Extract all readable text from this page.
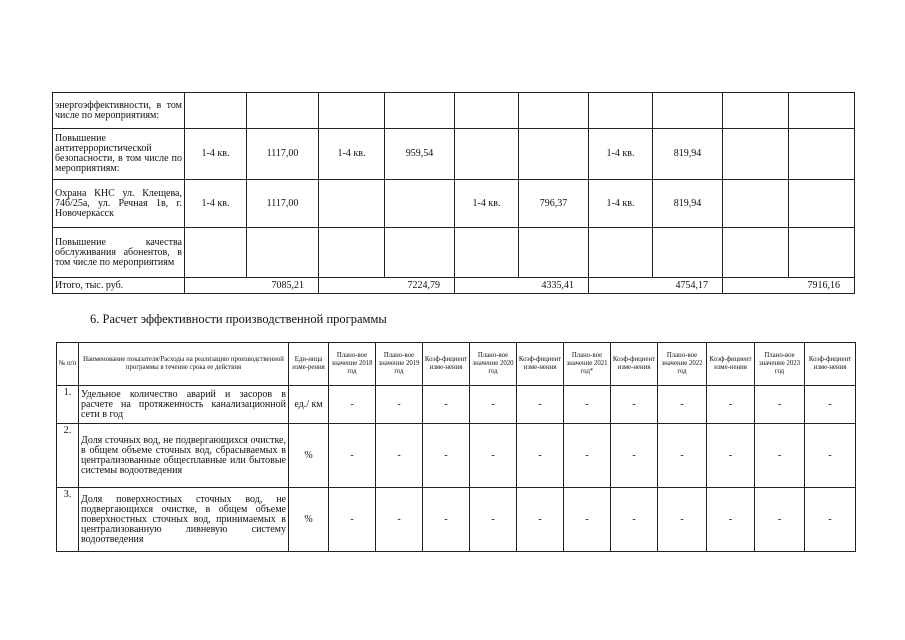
энергоэффективности, в том числе по мероприятиям:										
Повышение антитеррористической безопасности, в том числе по мероприятиям:	1-4 кв.	1117,00	1-4 кв.	959,54			1-4 кв.	819,94		
Охрана КНС ул. Клещева, 74б/25а, ул. Речная 1в, г. Новочеркасск	1-4 кв.	1117,00			1-4 кв.	796,37	1-4 кв.	819,94		
Повышение качества обслуживания абонентов, в том числе по мероприятиям										
Итого, тыс. руб.	7085,21		7224,79		4335,41		4754,17		7916,16	
6. Расчет эффективности производственной программы
№ п/п	Наименование показателя/Расходы на реализацию производственной программы в течение срока ее действия	Еди-ница изме-рения	Плано-вое значение 2018 год	Плано-вое значение 2019 год	Коэф-фициент изме-нения	Плано-вое значение 2020 год	Коэф-фициент изме-нения	Плано-вое значение 2021 год*	Коэф-фициент изме-нения	Плано-вое значение 2022 год	Коэф-фициент изме-нения	Плано-вое значение 2023 год	Коэф-фициент изме-нения
1.	Удельное количество аварий и засоров в расчете на протяженность канализационной сети в год	ед./ км	-	-	-	-	-	-	-	-	-	-	-
2.	Доля сточных вод, не подвергающихся очистке, в общем объеме сточных вод, сбрасываемых в централизованные общесплавные или бытовые системы водоотведения	%	-	-	-	-	-	-	-	-	-	-	-
3.	Доля поверхностных сточных вод, не подвергающихся очистке, в общем объеме поверхностных сточных вод, принимаемых в централизованную ливневую систему водоотведения	%	-	-	-	-	-	-	-	-	-	-	-
